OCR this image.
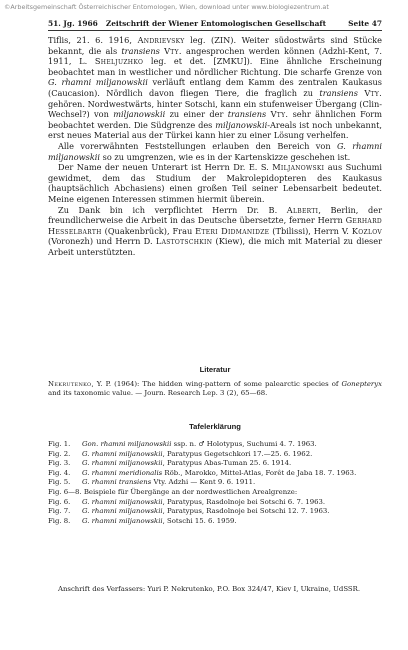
©Arbeitsgemeinschaft Österreichischer Entomologen, Wien, download unter www.biologiezentrum.at
51. Jg. 1966 Zeitschrift der Wiener Entomologischen Gesellschaft	Seite 47

Tiflis, 21. 6. 1916, Andrievsky leg. (ZIN). Weiter südostwärts sind Stücke bekannt, die als transiens Vty. angesprochen werden können (Adzhi-Kent, 7. 1911, L. Sheljuzhko leg. et det. [ZMKU]). Eine ähnliche Erscheinung beobachtet man in westlicher und nördlicher Richtung. Die scharfe Grenze von G. rhamni miljanowskii verläuft entlang dem Kamm des zentralen Kaukasus (Caucasion). Nördlich davon fliegen Tiere, die fraglich zu transiens Vty. gehören. Nordwestwärts, hinter Sotschi, kann ein stufenweiser Übergang (Clin-Wechsel?) von miljanowskii zu einer der transiens Vty. sehr ähnlichen Form beobachtet werden. Die Südgrenze des miljanowskii-Areals ist noch unbekannt, erst neues Material aus der Türkei kann hier zu einer Lösung verhelfen.

Alle vorerwähnten Feststellungen erlauben den Bereich von G. rhamni miljanowskii so zu umgrenzen, wie es in der Kartenskizze geschehen ist.

Der Name der neuen Unterart ist Herrn Dr. E. S. Miljanowski aus Suchumi gewidmet, dem das Studium der Makrolepidopteren des Kaukasus (hauptsächlich Abchasiens) einen großen Teil seiner Lebensarbeit bedeutet. Meine eigenen Interessen stimmen hiermit überein.

Zu Dank bin ich verpflichtet Herrn Dr. B. Alberti, Berlin, der freundlicherweise die Arbeit in das Deutsche übersetzte, ferner Herrn Gerhard Hesselbarth (Quakenbrück), Frau Eteri Didmanidze (Tbilissi), Herrn V. Kozlov (Voronezh) und Herrn D. Lastotschkin (Kiew), die mich mit Material zu dieser Arbeit unterstützten.

Literatur
Nekrutenko, Y. P. (1964): The hidden wing-pattern of some palearctic species of Gonepteryx and its taxonomic value. — Journ. Research Lep. 3 (2), 65—68.
Tafelerklärung
Fig. 1.	Gon. rhamni miljanowskii ssp. n. ♂ Holotypus, Suchumi 4. 7. 1963.
Fig. 2.	G. rhamni miljanowskii, Paratypus Gegetschkori 17.—25. 6. 1962.
Fig. 3.	G. rhamni miljanowskii, Paratypus Abas-Tuman 25. 6. 1914.
Fig. 4.	G. rhamni meridionalis Röb., Marokko, Mittel-Atlas, Forêt de Jaba 18. 7. 1963.
Fig. 5.	G. rhamni transiens Vty. Adzhi — Kent 9. 6. 1911.
Fig. 6—8. Beispiele für Übergänge an der nordwestlichen Arealgrenze:
Fig. 6.	G. rhamni miljanowskii, Paratypus, Rasdolnoje bei Sotschi 6. 7. 1963.
Fig. 7.	G. rhamni miljanowskii, Paratypus, Rasdolnoje bei Sotschi 12. 7. 1963.
Fig. 8.	G. rhamni miljanowskii, Sotschi 15. 6. 1959.
Anschrift des Verfassers: Yuri P. Nekrutenko, P.O. Box 324/47, Kiev I, Ukraine, UdSSR.
